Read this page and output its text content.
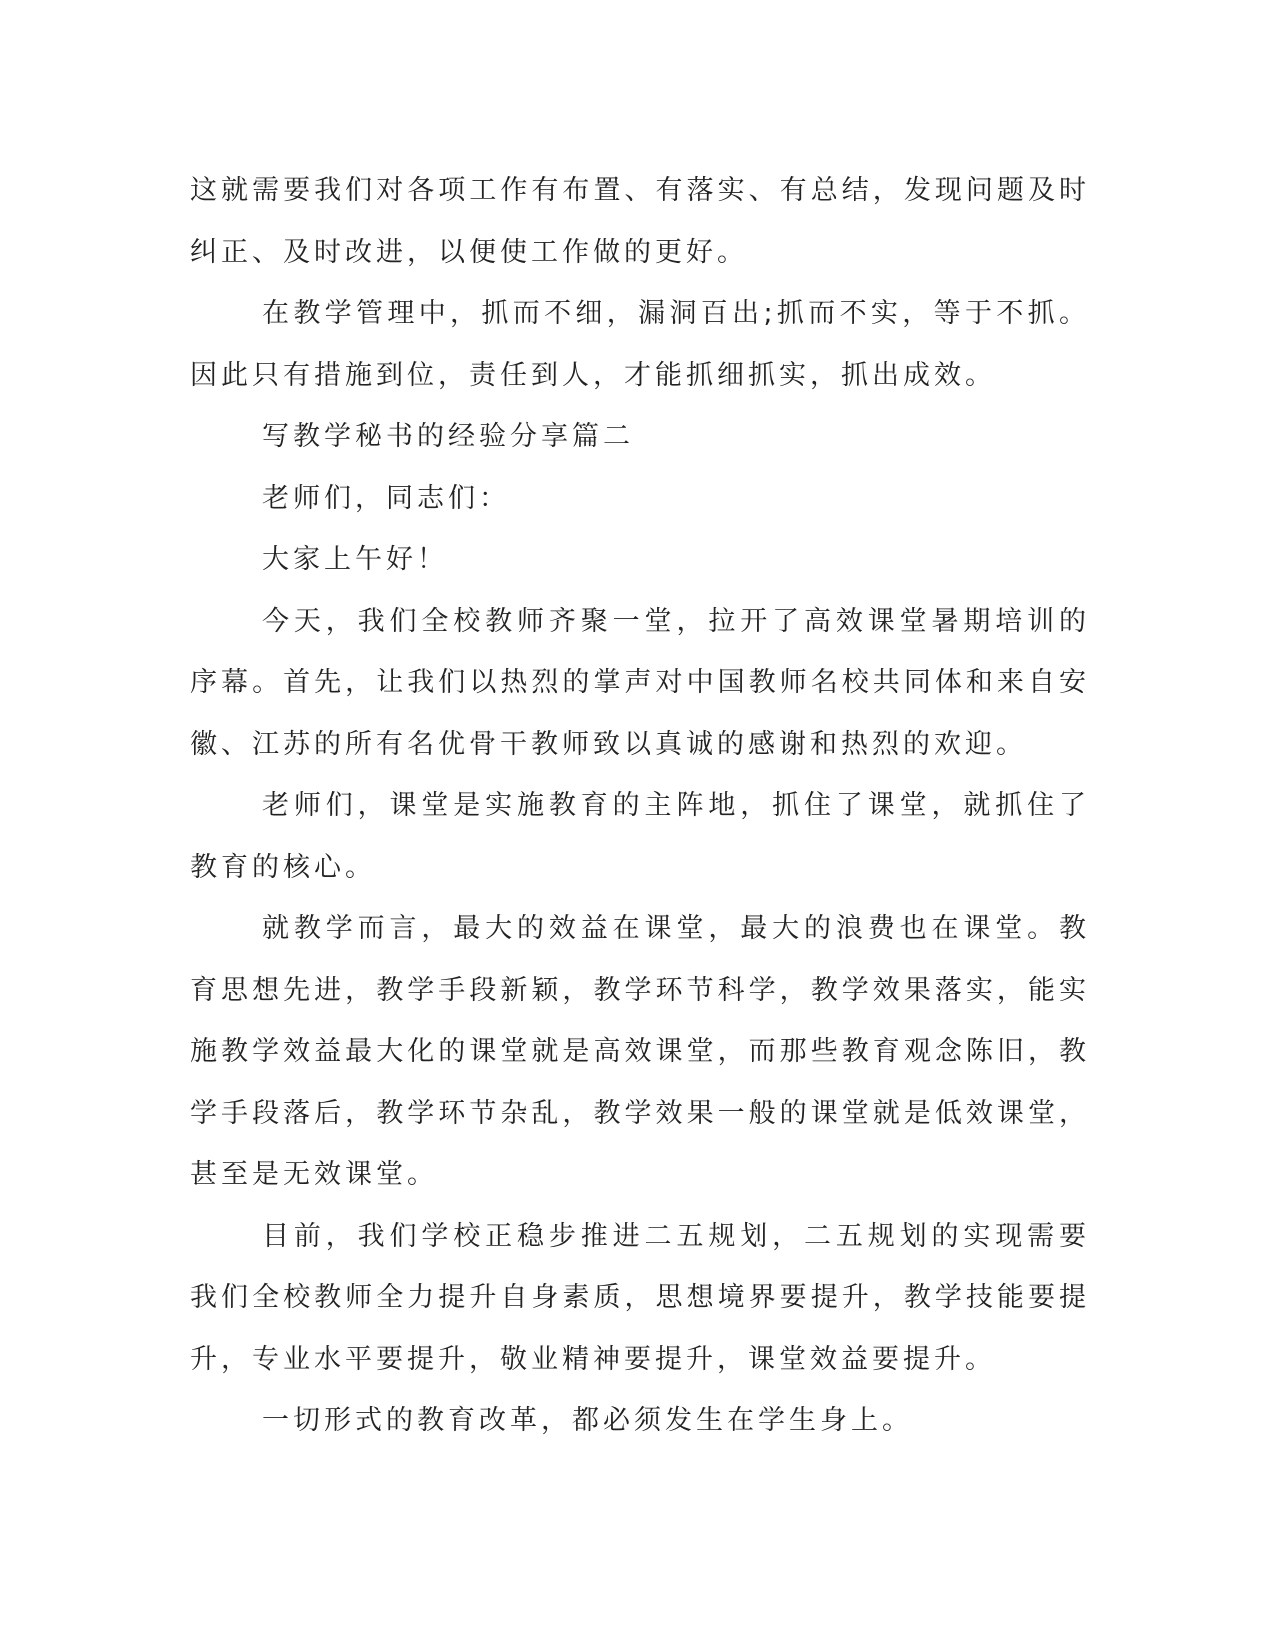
这就需要我们对各项工作有布置、有落实、有总结，发现问题及时纠正、及时改进，以便使工作做的更好。

在教学管理中，抓而不细，漏洞百出;抓而不实，等于不抓。因此只有措施到位，责任到人，才能抓细抓实，抓出成效。

写教学秘书的经验分享篇二

老师们，同志们：

大家上午好！

今天，我们全校教师齐聚一堂，拉开了高效课堂暑期培训的序幕。首先，让我们以热烈的掌声对中国教师名校共同体和来自安徽、江苏的所有名优骨干教师致以真诚的感谢和热烈的欢迎。

老师们，课堂是实施教育的主阵地，抓住了课堂，就抓住了教育的核心。

就教学而言，最大的效益在课堂，最大的浪费也在课堂。教育思想先进，教学手段新颖，教学环节科学，教学效果落实，能实施教学效益最大化的课堂就是高效课堂，而那些教育观念陈旧，教学手段落后，教学环节杂乱，教学效果一般的课堂就是低效课堂，甚至是无效课堂。

目前，我们学校正稳步推进二五规划，二五规划的实现需要我们全校教师全力提升自身素质，思想境界要提升，教学技能要提升，专业水平要提升，敬业精神要提升，课堂效益要提升。

一切形式的教育改革，都必须发生在学生身上。
